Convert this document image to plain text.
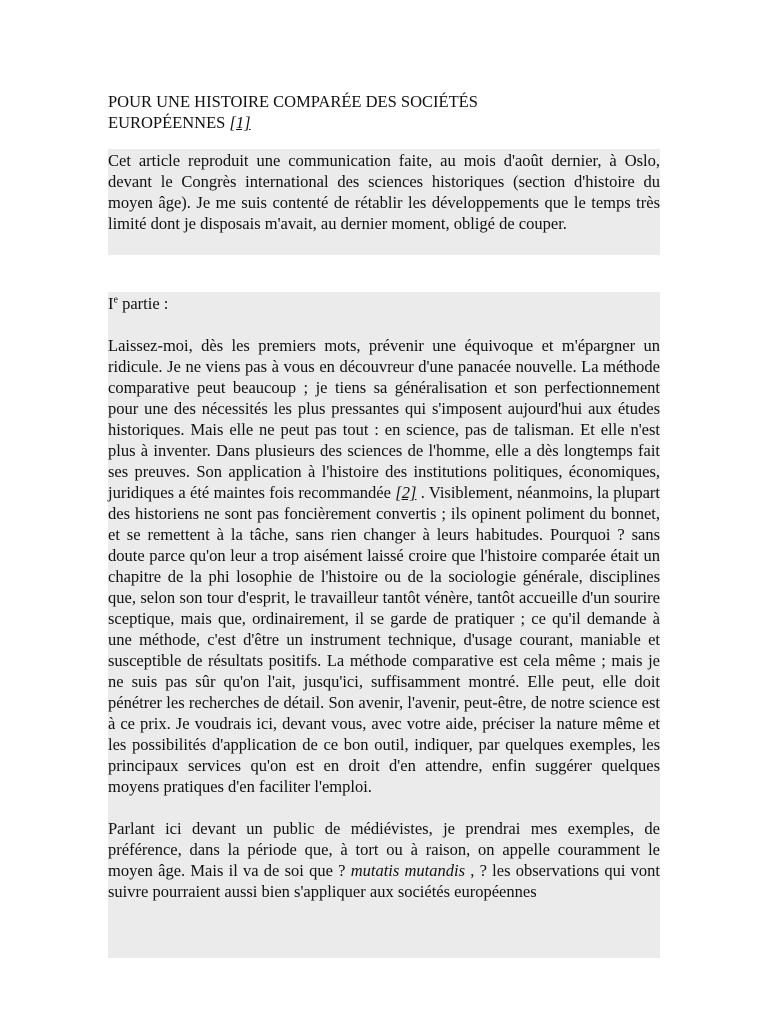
POUR UNE HISTOIRE COMPARÉE DES SOCIÉTÉS
EUROPÉENNES [1]
Cet article reproduit une communication faite, au mois d'août dernier, à Oslo, devant le Congrès international des sciences historiques (section d'histoire du moyen âge). Je me suis contenté de rétablir les développements que le temps très limité dont je disposais m'avait, au dernier moment, obligé de couper.

Ie partie :

Laissez-moi, dès les premiers mots, prévenir une équivoque et m'épargner un ridicule. Je ne viens pas à vous en découvreur d'une panacée nouvelle. La méthode comparative peut beaucoup ; je tiens sa généralisation et son perfectionnement pour une des nécessités les plus pressantes qui s'imposent aujourd'hui aux études historiques. Mais elle ne peut pas tout : en science, pas de talisman. Et elle n'est plus à inventer. Dans plusieurs des sciences de l'homme, elle a dès longtemps fait ses preuves. Son application à l'histoire des institutions politiques, économiques, juridiques a été maintes fois recommandée [2] . Visiblement, néanmoins, la plupart des historiens ne sont pas foncièrement convertis ; ils opinent poliment du bonnet, et se remettent à la tâche, sans rien changer à leurs habitudes. Pourquoi ? sans doute parce qu'on leur a trop aisément laissé croire que l'histoire comparée était un chapitre de la phi losophie de l'histoire ou de la sociologie générale, disciplines que, selon son tour d'esprit, le travailleur tantôt vénère, tantôt accueille d'un sourire sceptique, mais que, ordinairement, il se garde de pratiquer ; ce qu'il demande à une méthode, c'est d'être un instrument technique, d'usage courant, maniable et susceptible de résultats positifs. La méthode comparative est cela même ; mais je ne suis pas sûr qu'on l'ait, jusqu'ici, suffisamment montré. Elle peut, elle doit pénétrer les recherches de détail. Son avenir, l'avenir, peut-être, de notre science est à ce prix. Je voudrais ici, devant vous, avec votre aide, préciser la nature même et les possibilités d'application de ce bon outil, indiquer, par quelques exemples, les principaux services qu'on est en droit d'en attendre, enfin suggérer quelques moyens pratiques d'en faciliter l'emploi.

Parlant ici devant un public de médiévistes, je prendrai mes exemples, de préférence, dans la période que, à tort ou à raison, on appelle couramment le moyen âge. Mais il va de soi que ? mutatis mutandis , ? les observations qui vont suivre pourraient aussi bien s'appliquer aux sociétés européennes
